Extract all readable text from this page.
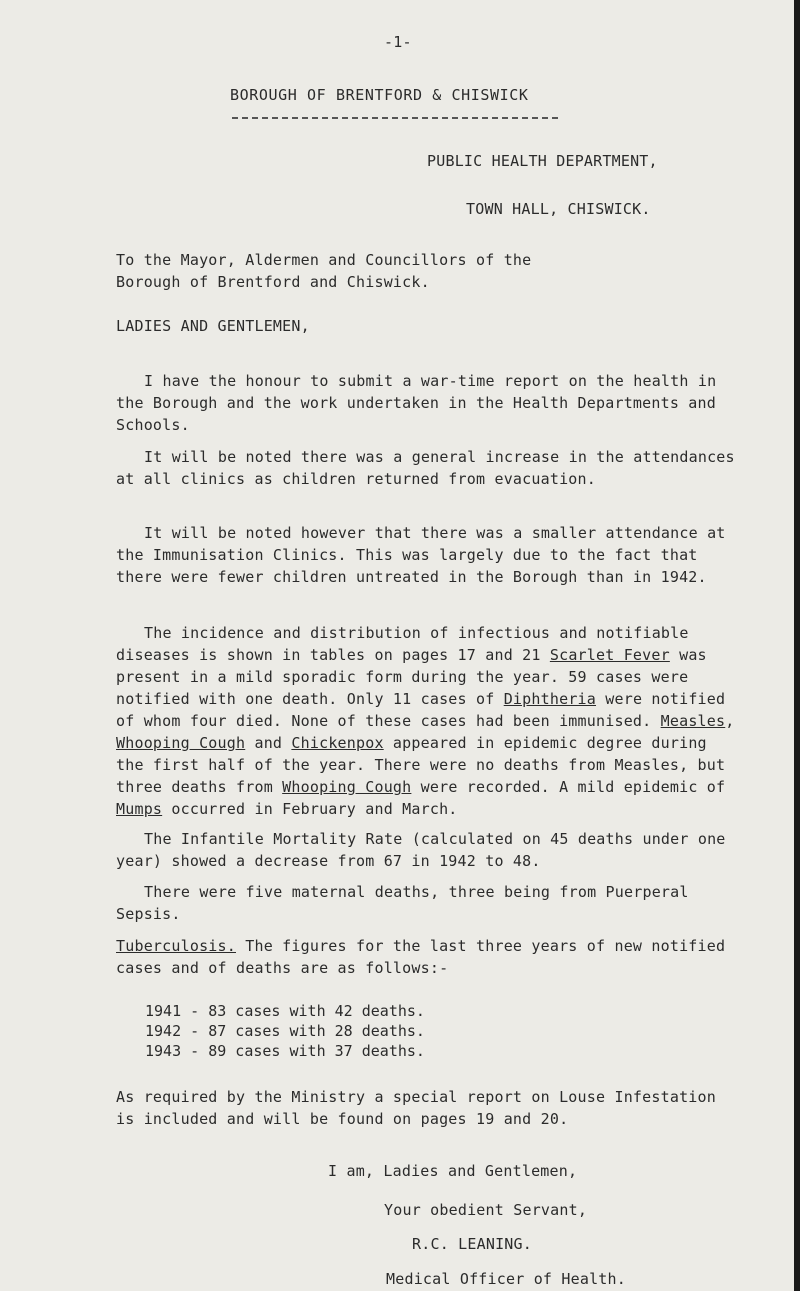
-1-
BOROUGH OF BRENTFORD & CHISWICK
PUBLIC HEALTH DEPARTMENT,
TOWN HALL, CHISWICK.
To the Mayor, Aldermen and Councillors of the
Borough of Brentford and Chiswick.
LADIES AND GENTLEMEN,
I have the honour to submit a war-time report on the health in the Borough and the work undertaken in the Health Departments and Schools.
It will be noted there was a general increase in the attendances at all clinics as children returned from evacuation.
It will be noted however that there was a smaller attendance at the Immunisation Clinics. This was largely due to the fact that there were fewer children untreated in the Borough than in 1942.
The incidence and distribution of infectious and notifiable diseases is shown in tables on pages 17 and 21 Scarlet Fever was present in a mild sporadic form during the year. 59 cases were notified with one death. Only 11 cases of Diphtheria were notified of whom four died. None of these cases had been immunised. Measles, Whooping Cough and Chickenpox appeared in epidemic degree during the first half of the year. There were no deaths from Measles, but three deaths from Whooping Cough were recorded. A mild epidemic of Mumps occurred in February and March.
The Infantile Mortality Rate (calculated on 45 deaths under one year) showed a decrease from 67 in 1942 to 48.
There were five maternal deaths, three being from Puerperal Sepsis.
Tuberculosis. The figures for the last three years of new notified cases and of deaths are as follows:-
1941 - 83 cases with 42 deaths.
1942 - 87 cases with 28 deaths.
1943 - 89 cases with 37 deaths.
As required by the Ministry a special report on Louse Infestation is included and will be found on pages 19 and 20.
I am, Ladies and Gentlemen,
Your obedient Servant,
R.C. LEANING.
Medical Officer of Health.
